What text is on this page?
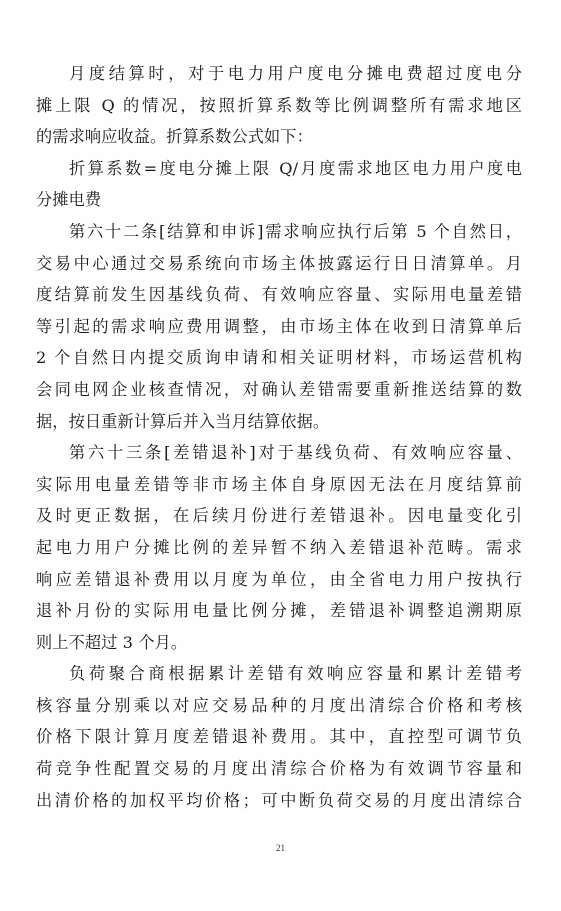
月度结算时，对于电力用户度电分摊电费超过度电分
摊上限 Q 的情况，按照折算系数等比例调整所有需求地区
的需求响应收益。折算系数公式如下：
折算系数=度电分摊上限 Q/月度需求地区电力用户度电
分摊电费
第六十二条[结算和申诉]需求响应执行后第 5 个自然日，
交易中心通过交易系统向市场主体披露运行日日清算单。月
度结算前发生因基线负荷、有效响应容量、实际用电量差错
等引起的需求响应费用调整，由市场主体在收到日清算单后
2 个自然日内提交质询申请和相关证明材料，市场运营机构
会同电网企业核查情况，对确认差错需要重新推送结算的数
据，按日重新计算后并入当月结算依据。
第六十三条[差错退补]对于基线负荷、有效响应容量、
实际用电量差错等非市场主体自身原因无法在月度结算前
及时更正数据，在后续月份进行差错退补。因电量变化引
起电力用户分摊比例的差异暂不纳入差错退补范畴。需求
响应差错退补费用以月度为单位，由全省电力用户按执行
退补月份的实际用电量比例分摊，差错退补调整追溯期原
则上不超过 3 个月。
负荷聚合商根据累计差错有效响应容量和累计差错考
核容量分别乘以对应交易品种的月度出清综合价格和考核
价格下限计算月度差错退补费用。其中，直控型可调节负
荷竞争性配置交易的月度出清综合价格为有效调节容量和
出清价格的加权平均价格；可中断负荷交易的月度出清综合
21
